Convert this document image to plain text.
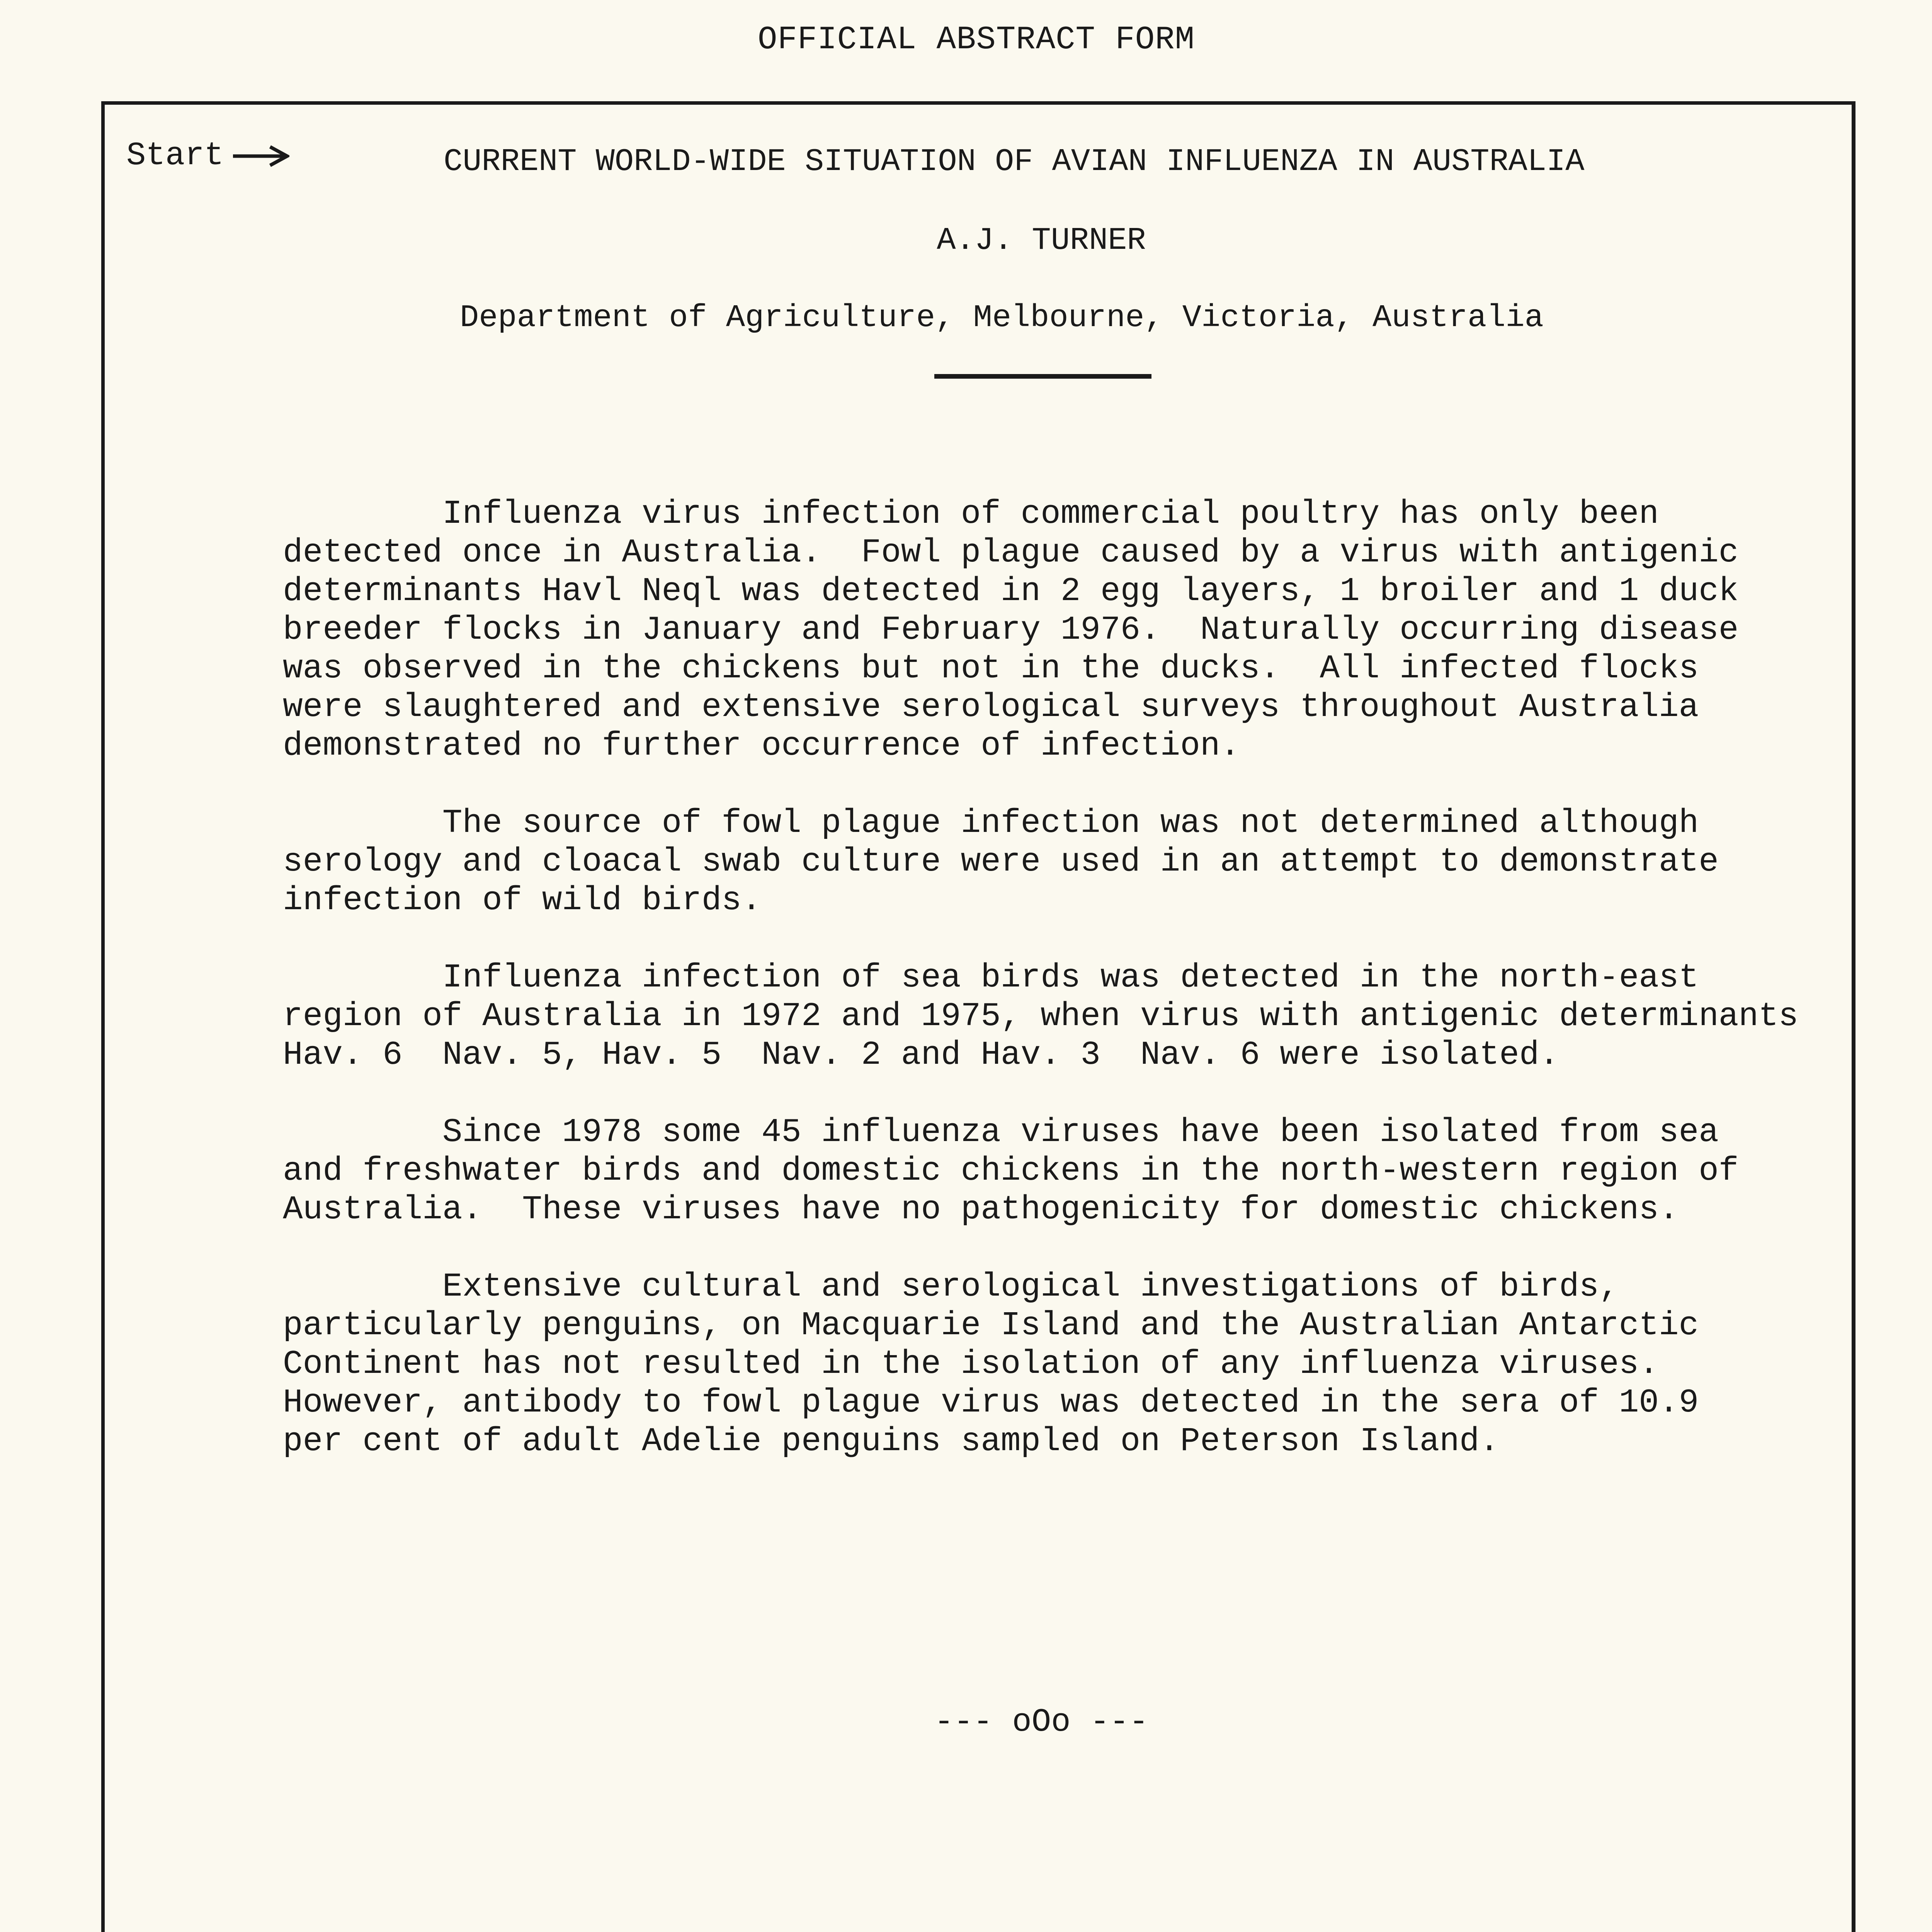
OFFICIAL ABSTRACT FORM
Start	CURRENT WORLD-WIDE SITUATION OF AVIAN INFLUENZA IN AUSTRALIA
A.J. TURNER
Department of Agriculture, Melbourne, Victoria, Australia

Influenza virus infection of commercial poultry has only been
detected once in Australia.  Fowl plague caused by a virus with antigenic
determinants Havl Neql was detected in 2 egg layers, 1 broiler and 1 duck
breeder flocks in January and February 1976.  Naturally occurring disease
was observed in the chickens but not in the ducks.  All infected flocks
were slaughtered and extensive serological surveys throughout Australia
demonstrated no further occurrence of infection.

The source of fowl plague infection was not determined although
serology and cloacal swab culture were used in an attempt to demonstrate
infection of wild birds.

Influenza infection of sea birds was detected in the north-east
region of Australia in 1972 and 1975, when virus with antigenic determinants
Hav. 6  Nav. 5, Hav. 5  Nav. 2 and Hav. 3  Nav. 6 were isolated.

Since 1978 some 45 influenza viruses have been isolated from sea
and freshwater birds and domestic chickens in the north-western region of
Australia.  These viruses have no pathogenicity for domestic chickens.

Extensive cultural and serological investigations of birds,
particularly penguins, on Macquarie Island and the Australian Antarctic
Continent has not resulted in the isolation of any influenza viruses.
However, antibody to fowl plague virus was detected in the sera of 10.9
per cent of adult Adelie penguins sampled on Peterson Island.

--- oOo ---
